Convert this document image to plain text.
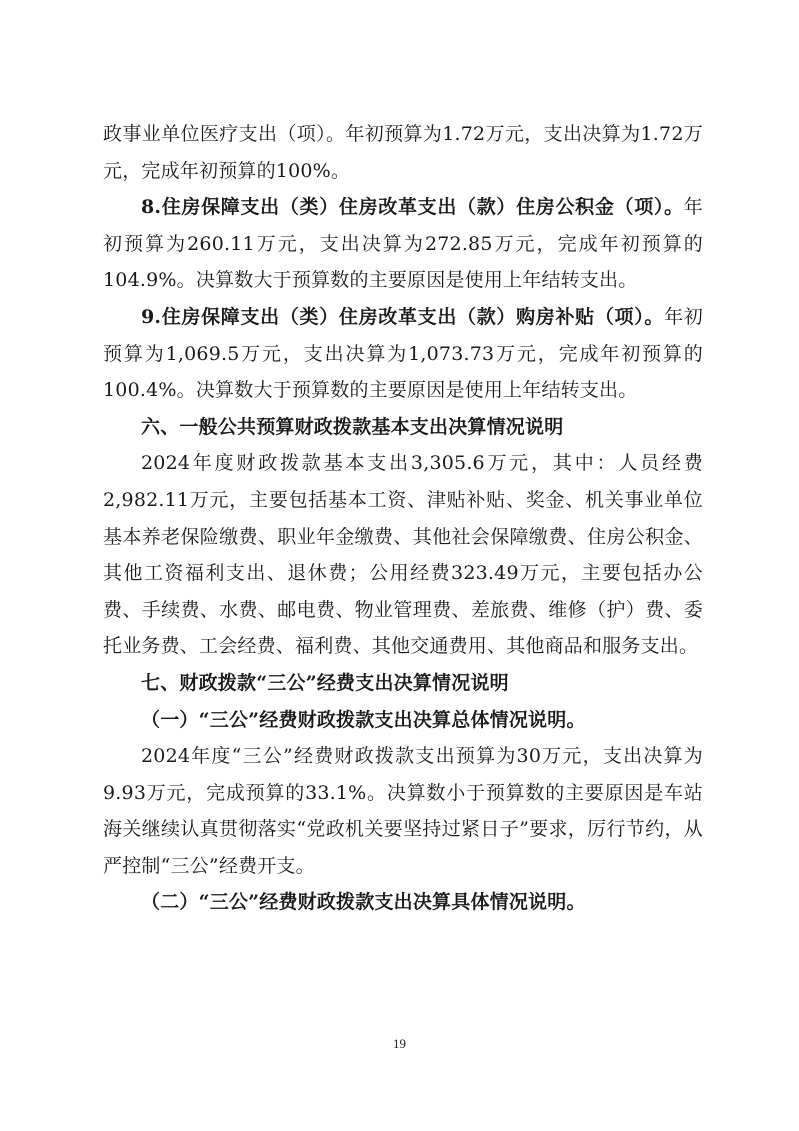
政事业单位医疗支出（项）。年初预算为1.72万元，支出决算为1.72万元，完成年初预算的100%。

8.住房保障支出（类）住房改革支出（款）住房公积金（项）。年初预算为260.11万元，支出决算为272.85万元，完成年初预算的104.9%。决算数大于预算数的主要原因是使用上年结转支出。

9.住房保障支出（类）住房改革支出（款）购房补贴（项）。年初预算为1,069.5万元，支出决算为1,073.73万元，完成年初预算的100.4%。决算数大于预算数的主要原因是使用上年结转支出。

六、一般公共预算财政拨款基本支出决算情况说明

2024年度财政拨款基本支出3,305.6万元，其中：人员经费2,982.11万元，主要包括基本工资、津贴补贴、奖金、机关事业单位基本养老保险缴费、职业年金缴费、其他社会保障缴费、住房公积金、其他工资福利支出、退休费；公用经费323.49万元，主要包括办公费、手续费、水费、邮电费、物业管理费、差旅费、维修（护）费、委托业务费、工会经费、福利费、其他交通费用、其他商品和服务支出。

七、财政拨款“三公”经费支出决算情况说明

（一）“三公”经费财政拨款支出决算总体情况说明。

2024年度“三公”经费财政拨款支出预算为30万元，支出决算为9.93万元，完成预算的33.1%。决算数小于预算数的主要原因是车站海关继续认真贯彻落实“党政机关要坚持过紧日子”要求，厉行节约，从严控制“三公”经费开支。

（二）“三公”经费财政拨款支出决算具体情况说明。

19
